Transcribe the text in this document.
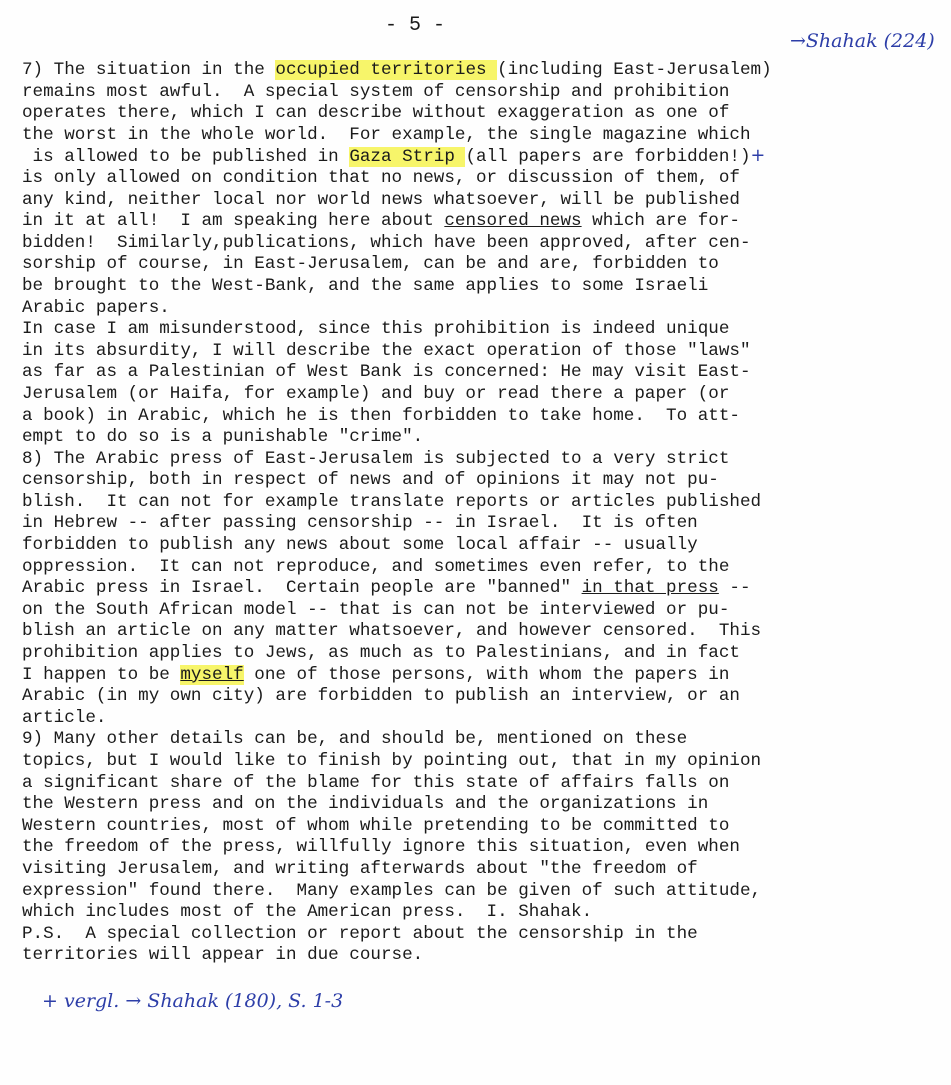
- 5 -
→Shahak (224)
7) The situation in the occupied territories (including East-Jerusalem)
remains most awful.  A special system of censorship and prohibition
operates there, which I can describe without exaggeration as one of
the worst in the whole world.  For example, the single magazine which
is allowed to be published in Gaza Strip (all papers are forbidden!)+
is only allowed on condition that no news, or discussion of them, of
any kind, neither local nor world news whatsoever, will be published
in it at all!  I am speaking here about censored news which are for-
bidden!  Similarly,publications, which have been approved, after cen-
sorship of course, in East-Jerusalem, can be and are, forbidden to
be brought to the West-Bank, and the same applies to some Israeli
Arabic papers.
In case I am misunderstood, since this prohibition is indeed unique
in its absurdity, I will describe the exact operation of those "laws"
as far as a Palestinian of West Bank is concerned: He may visit East-
Jerusalem (or Haifa, for example) and buy or read there a paper (or
a book) in Arabic, which he is then forbidden to take home.  To att-
empt to do so is a punishable "crime".
8) The Arabic press of East-Jerusalem is subjected to a very strict
censorship, both in respect of news and of opinions it may not pu-
blish.  It can not for example translate reports or articles published
in Hebrew -- after passing censorship -- in Israel.  It is often
forbidden to publish any news about some local affair -- usually
oppression.  It can not reproduce, and sometimes even refer, to the
Arabic press in Israel.  Certain people are "banned" in that press --
on the South African model -- that is can not be interviewed or pu-
blish an article on any matter whatsoever, and however censored.  This
prohibition applies to Jews, as much as to Palestinians, and in fact
I happen to be myself one of those persons, with whom the papers in
Arabic (in my own city) are forbidden to publish an interview, or an
article.
9) Many other details can be, and should be, mentioned on these
topics, but I would like to finish by pointing out, that in my opinion
a significant share of the blame for this state of affairs falls on
the Western press and on the individuals and the organizations in
Western countries, most of whom while pretending to be committed to
the freedom of the press, willfully ignore this situation, even when
visiting Jerusalem, and writing afterwards about "the freedom of
expression" found there.  Many examples can be given of such attitude,
which includes most of the American press.  I. Shahak.
P.S.  A special collection or report about the censorship in the
territories will appear in due course.
+ vergl. → Shahak (180), S. 1-3
